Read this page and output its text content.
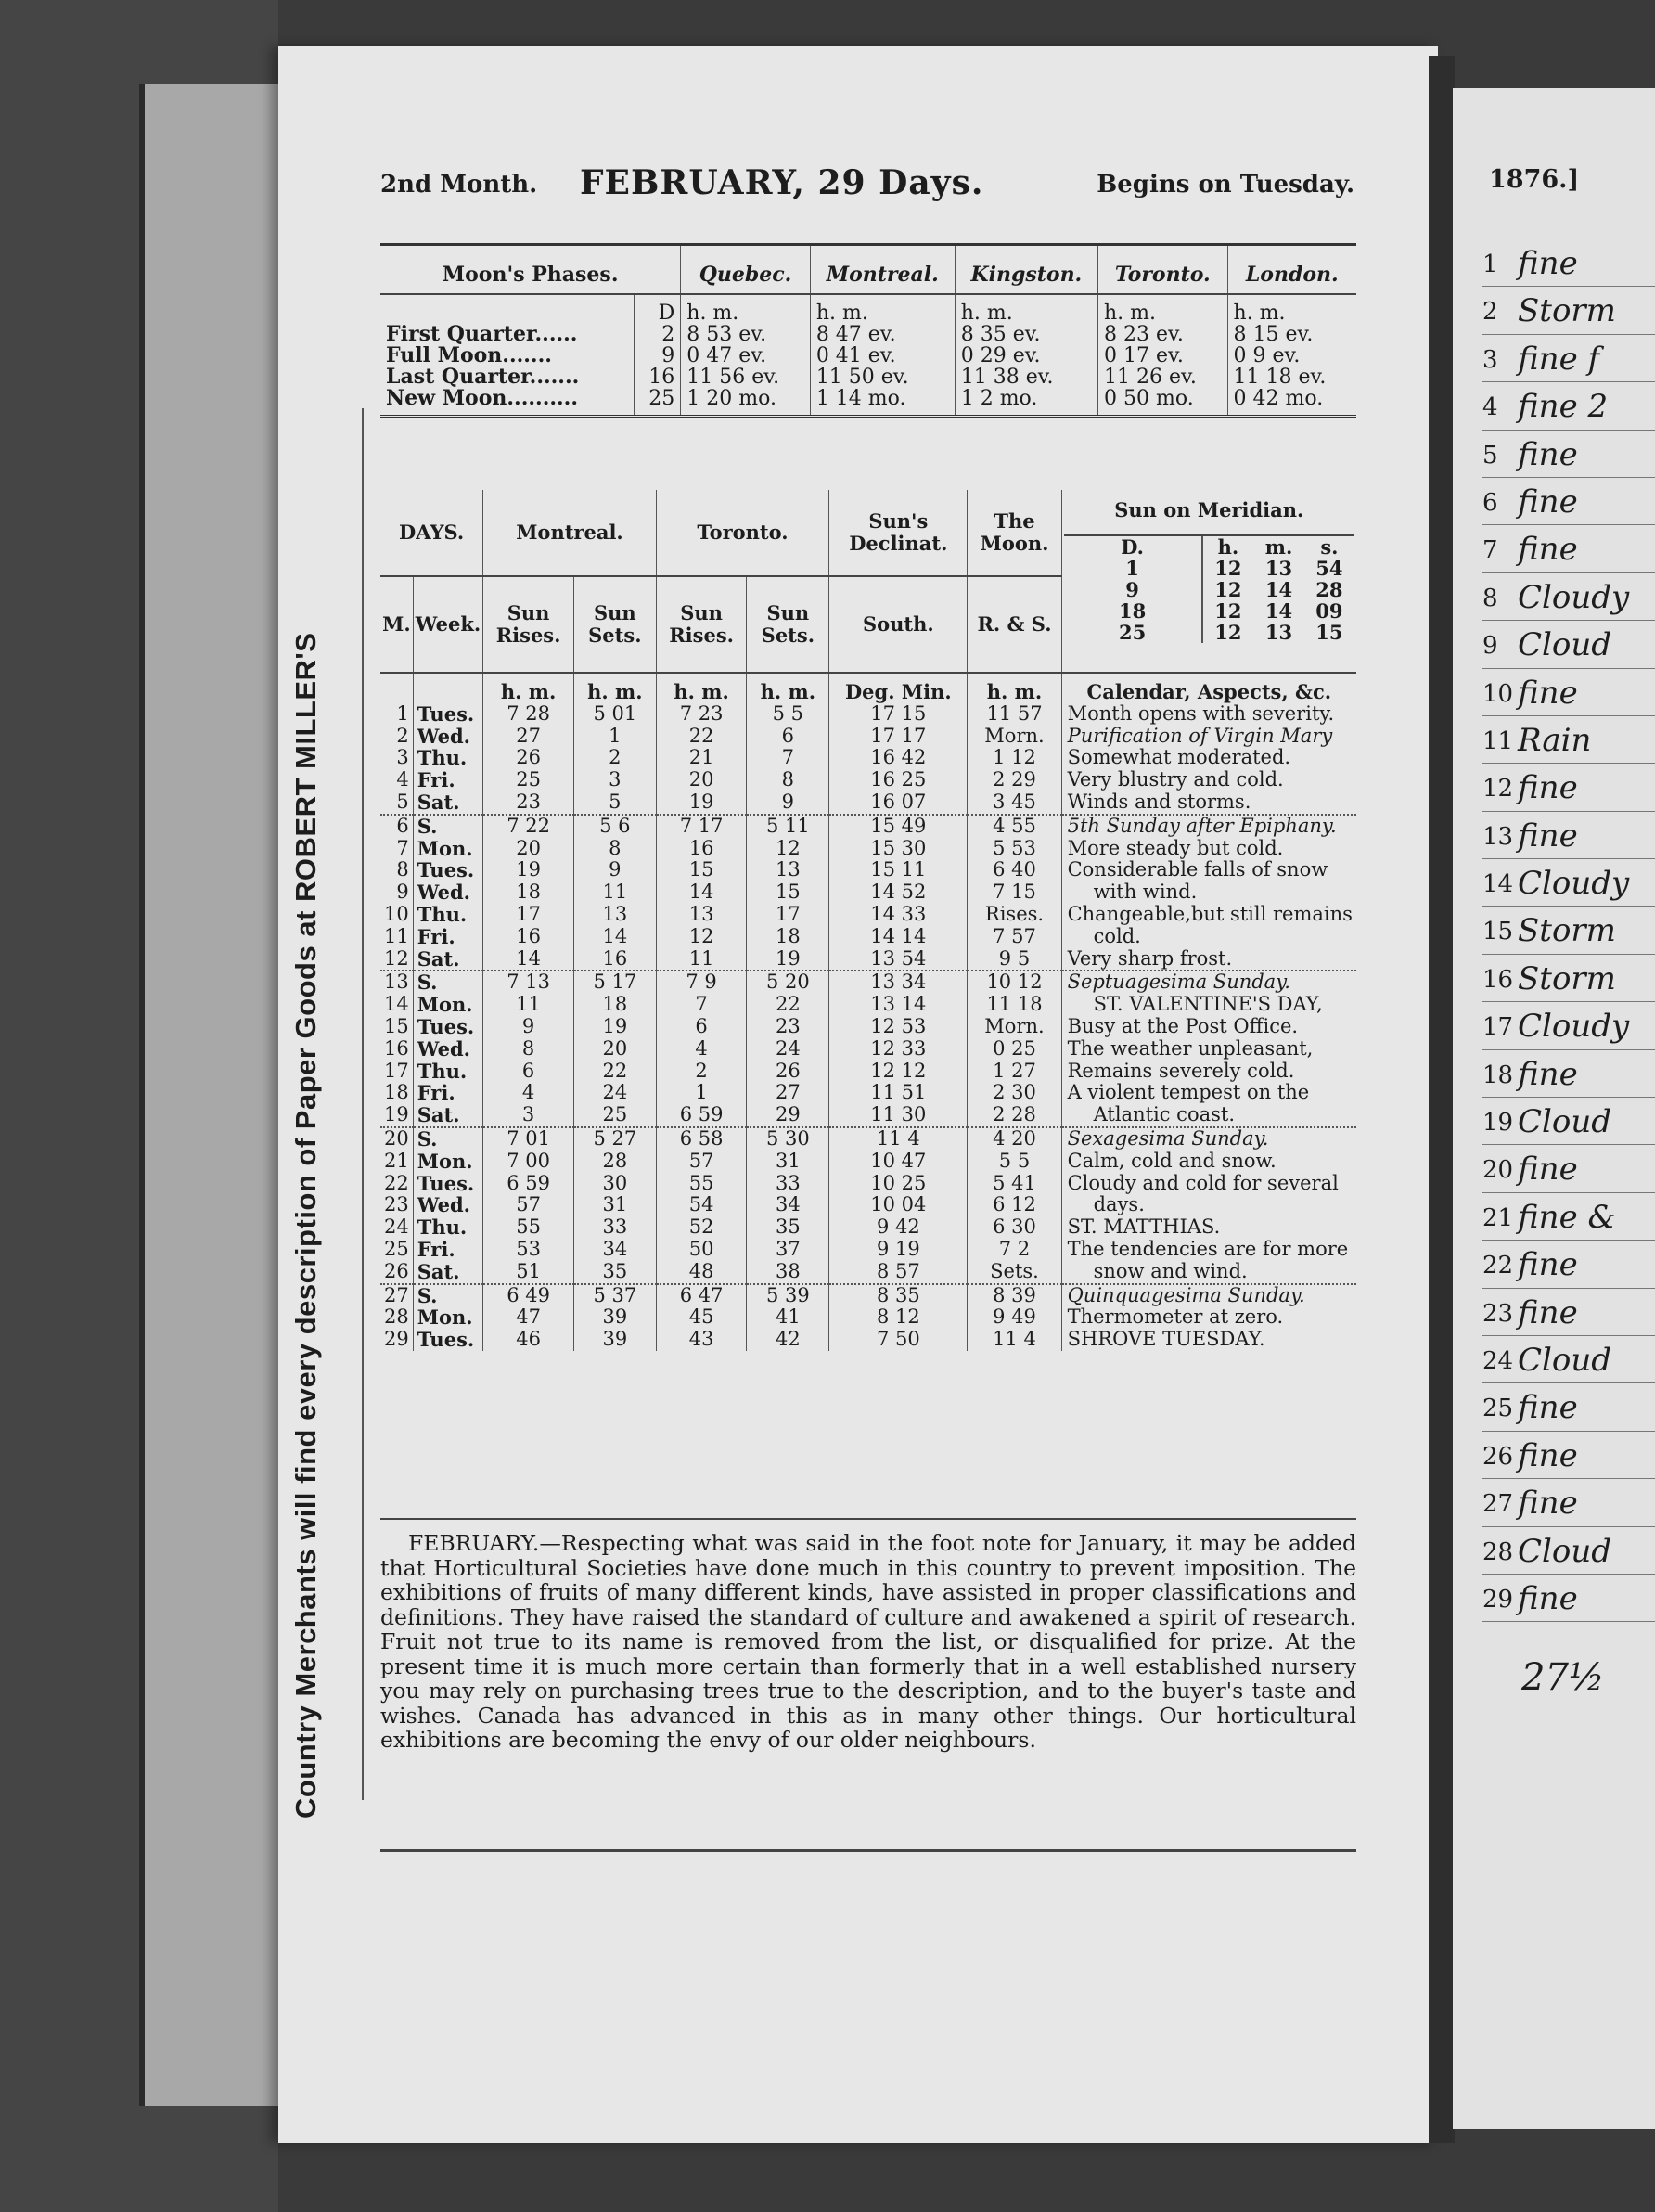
Country Merchants will find every description of Paper Goods at ROBERT MILLER'S
2nd Month. FEBRUARY, 29 Days.	Begins on Tuesday.
Moon's Phases.		Quebec.	Montreal.	Kingston.	Toronto.	London.
	D	h. m.	h. m.	h. m.	h. m.	h. m.
First Quarter......	2	8 53 ev.	8 47 ev.	8 35 ev.	8 23 ev.	8 15 ev.
Full Moon.......	9	0 47 ev.	0 41 ev.	0 29 ev.	0 17 ev.	0 9 ev.
Last Quarter.......	16	11 56 ev.	11 50 ev.	11 38 ev.	11 26 ev.	11 18 ev.
New Moon..........	25	1 20 mo.	1 14 mo.	1 2 mo.	0 50 mo.	0 42 mo.
DAYS.	Montreal.	Toronto.	Sun's Declinat.	The Moon.	
Sun on Meridian.
D.	h.	m.	s.
1	12	13	54
9	12	14	28
18	12	14	09
25	12	13	15

M.	Week.	Sun Rises.	Sun Sets.	Sun Rises.	Sun Sets.	South.	R. & S.
		h. m.	h. m.	h. m.	h. m.	Deg. Min.	h. m.	Calendar, Aspects, &c.
1	Tues.	7 28	5 01	7 23	5 5	17 15	11 57	Month opens with severity.
2	Wed.	27	1	22	6	17 17	Morn.	Purification of Virgin Mary
3	Thu.	26	2	21	7	16 42	1 12	Somewhat moderated.
4	Fri.	25	3	20	8	16 25	2 29	Very blustry and cold.
5	Sat.	23	5	19	9	16 07	3 45	Winds and storms.
6	S.	7 22	5 6	7 17	5 11	15 49	4 55	5th Sunday after Epiphany.
7	Mon.	20	8	16	12	15 30	5 53	More steady but cold.
8	Tues.	19	9	15	13	15 11	6 40	Considerable falls of snow
9	Wed.	18	11	14	15	14 52	7 15	with wind.
10	Thu.	17	13	13	17	14 33	Rises.	Changeable,but still remains
11	Fri.	16	14	12	18	14 14	7 57	cold.
12	Sat.	14	16	11	19	13 54	9 5	Very sharp frost.
13	S.	7 13	5 17	7 9	5 20	13 34	10 12	Septuagesima Sunday.
14	Mon.	11	18	7	22	13 14	11 18	ST. VALENTINE'S DAY,
15	Tues.	9	19	6	23	12 53	Morn.	Busy at the Post Office.
16	Wed.	8	20	4	24	12 33	0 25	The weather unpleasant,
17	Thu.	6	22	2	26	12 12	1 27	Remains severely cold.
18	Fri.	4	24	1	27	11 51	2 30	A violent tempest on the
19	Sat.	3	25	6 59	29	11 30	2 28	Atlantic coast.
20	S.	7 01	5 27	6 58	5 30	11 4	4 20	Sexagesima Sunday.
21	Mon.	7 00	28	57	31	10 47	5 5	Calm, cold and snow.
22	Tues.	6 59	30	55	33	10 25	5 41	Cloudy and cold for several
23	Wed.	57	31	54	34	10 04	6 12	days.
24	Thu.	55	33	52	35	9 42	6 30	ST. MATTHIAS.
25	Fri.	53	34	50	37	9 19	7 2	The tendencies are for more
26	Sat.	51	35	48	38	8 57	Sets.	snow and wind.
27	S.	6 49	5 37	6 47	5 39	8 35	8 39	Quinquagesima Sunday.
28	Mon.	47	39	45	41	8 12	9 49	Thermometer at zero.
29	Tues.	46	39	43	42	7 50	11 4	SHROVE TUESDAY.
FEBRUARY.—Respecting what was said in the foot note for January, it may be added that Horticultural Societies have done much in this country to prevent imposition. The exhibitions of fruits of many different kinds, have assisted in proper classifications and definitions. They have raised the standard of culture and awakened a spirit of research. Fruit not true to its name is removed from the list, or disqualified for prize. At the present time it is much more certain than formerly that in a well established nursery you may rely on purchasing trees true to the description, and to the buyer's taste and wishes. Canada has advanced in this as in many other things. Our horticultural exhibitions are becoming the envy of our older neighbours.
1876.]
1 fine
2 Storm
3 fine f
4 fine 2
5 fine
6 fine
7 fine
8 Cloudy
9 Cloud
10 fine
11 Rain
12 fine
13 fine
14 Cloudy
15 Storm
16 Storm
17 Cloudy
18 fine
19 Cloud
20 fine
21 fine &
22 fine
23 fine
24 Cloud
25 fine
26 fine
27 fine
28 Cloud
29 fine
27½
